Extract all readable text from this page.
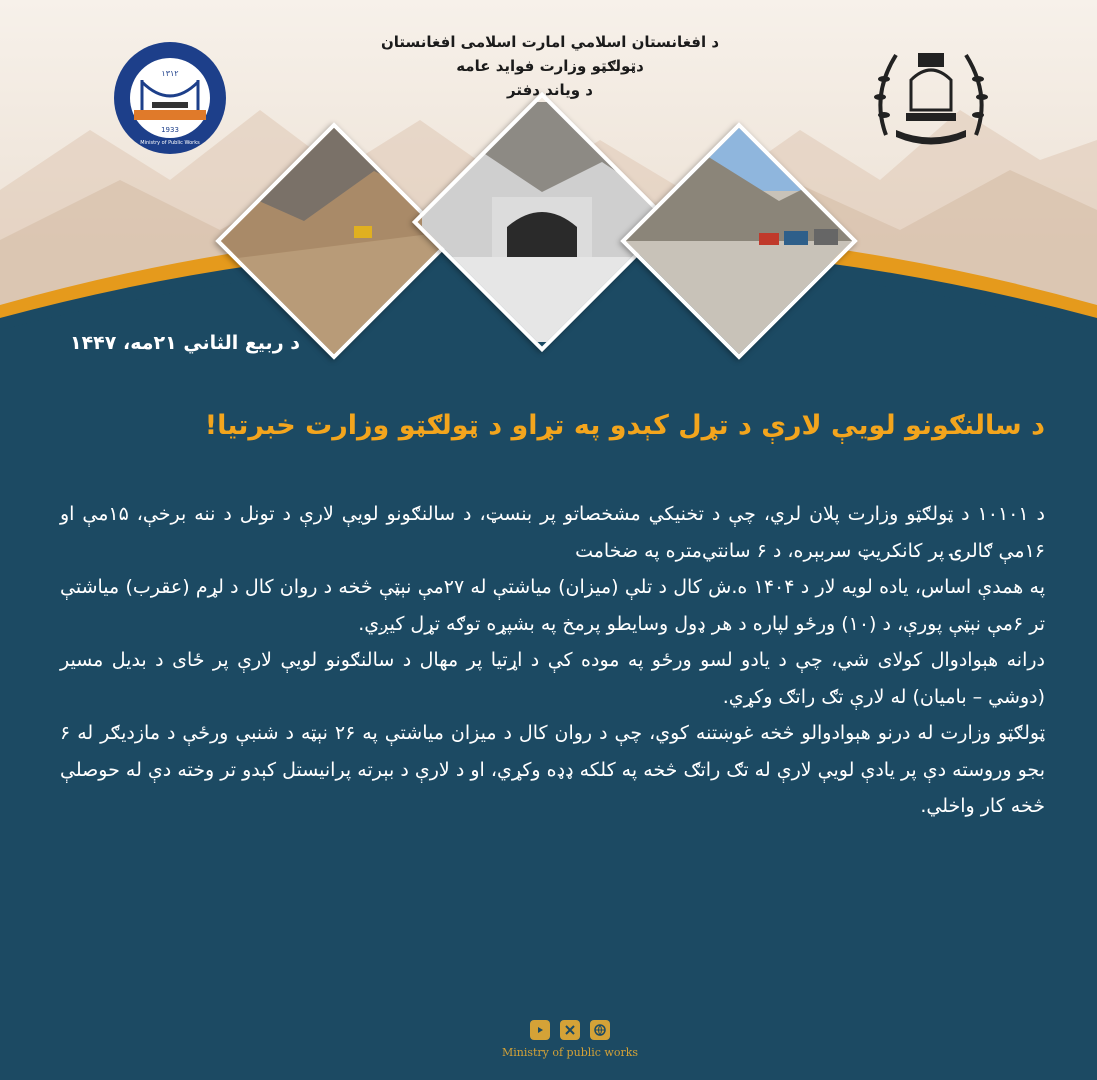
د افغانستان اسلامي امارت اسلامی افغانستان
دټولګټو وزارت فواید عامه
د ویاند دفتر
۱۳۱۲
1933
Ministry of Public Works
د ربیع الثاني ۲۱مه، ۱۴۴۷
د سالنګونو لويې لارې د تړل کېدو په تړاو د ټولګټو وزارت خبرتيا!

د ۱۰۱۰۱ د ټولګټو وزارت پلان لري، چې د تخنيکي مشخصاتو پر بنسټ، د سالنګونو لويې لارې د تونل د ننه برخې، ۱۵مې او ۱۶مې ګالرۍ پر کانکريټ سربېره، د ۶ سانتي‌متره په ضخامت

په همدې اساس، ياده لويه لار د ۱۴۰۴ ه.ش کال د تلې (ميزان) مياشتې له ۲۷مې نېټې څخه د روان کال د لړم (عقرب) مياشتې تر ۶مې نېټې پورې، د (۱۰) ورځو لپاره د هر ډول وسايطو پرمخ په بشپړه توګه تړل کيږي.

درانه هېوادوال کولای شي، چې د يادو لسو ورځو په موده کې د اړتيا پر مهال د سالنګونو لويې لارې پر ځای د بديل مسير (دوشي – باميان) له لارې تګ راتګ وکړي.

ټولګټو وزارت له درنو هېوادوالو څخه غوښتنه کوي، چې د روان کال د ميزان مياشتې په ۲۶ نېټه د شنبې ورځې د مازديګر له ۶ بجو وروسته دې پر يادې لويې لارې له تګ راتګ څخه په کلکه ډډه وکړي، او د لارې د بېرته پرانيستل کېدو تر وخته دې له حوصلې څخه کار واخلي.

Ministry of public works
